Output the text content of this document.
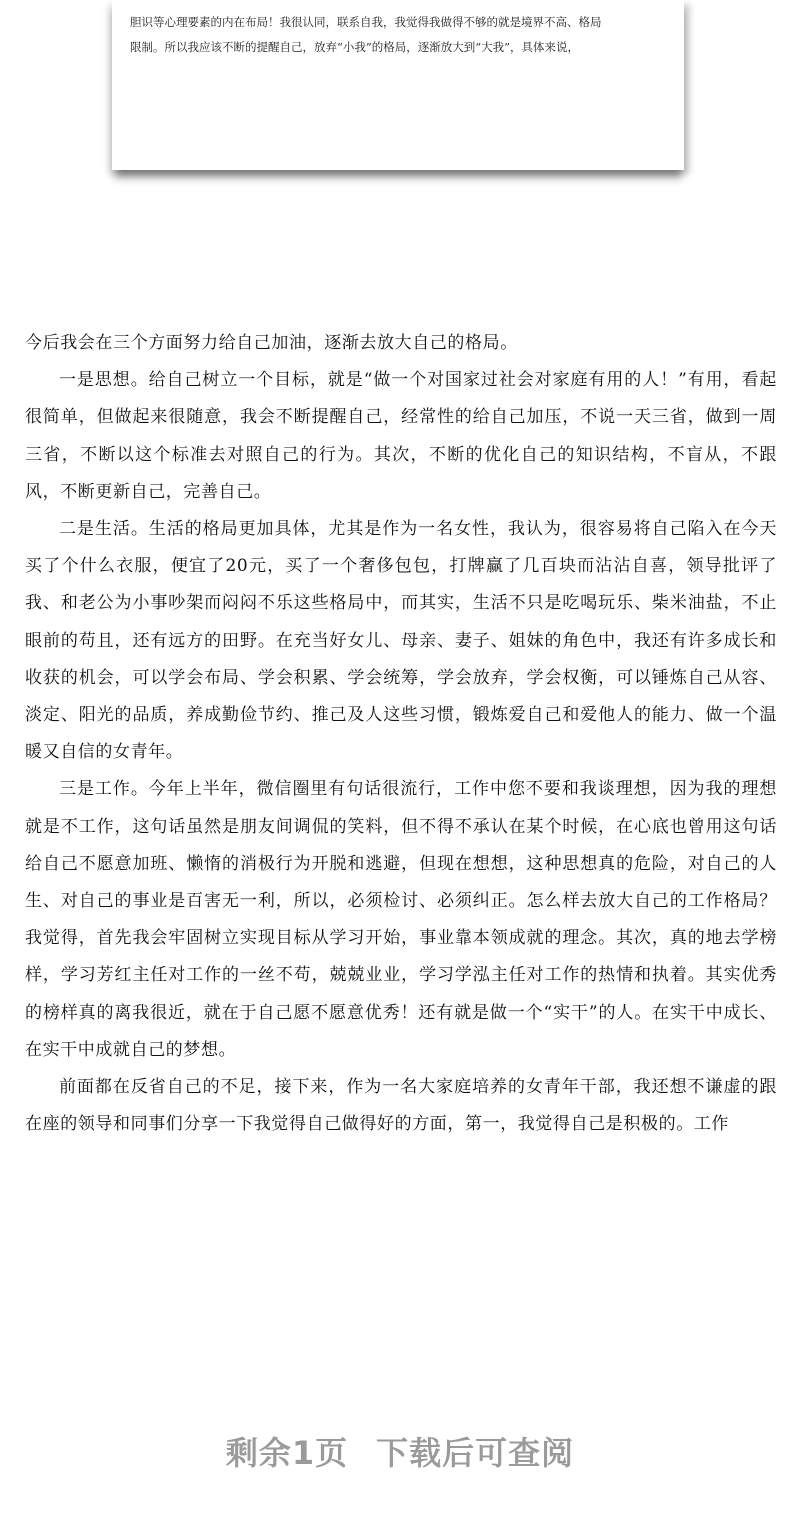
胆识等心理要素的内在布局！我很认同，联系自我，我觉得我做得不够的就是境界不高、格局

限制。所以我应该不断的提醒自己，放弃“小我”的格局，逐渐放大到“大我”，具体来说，

今后我会在三个方面努力给自己加油，逐渐去放大自己的格局。

一是思想。给自己树立一个目标，就是“做一个对国家过社会对家庭有用的人！”有用，看起很简单，但做起来很随意，我会不断提醒自己，经常性的给自己加压，不说一天三省，做到一周三省，不断以这个标准去对照自己的行为。其次，不断的优化自己的知识结构，不盲从，不跟风，不断更新自己，完善自己。

二是生活。生活的格局更加具体，尤其是作为一名女性，我认为，很容易将自己陷入在今天买了个什么衣服，便宜了20元，买了一个奢侈包包，打牌赢了几百块而沾沾自喜，领导批评了我、和老公为小事吵架而闷闷不乐这些格局中，而其实，生活不只是吃喝玩乐、柴米油盐，不止眼前的苟且，还有远方的田野。在充当好女儿、母亲、妻子、姐妹的角色中，我还有许多成长和收获的机会，可以学会布局、学会积累、学会统筹，学会放弃，学会权衡，可以锤炼自己从容、淡定、阳光的品质，养成勤俭节约、推己及人这些习惯，锻炼爱自己和爱他人的能力、做一个温暖又自信的女青年。

三是工作。今年上半年，微信圈里有句话很流行，工作中您不要和我谈理想，因为我的理想就是不工作，这句话虽然是朋友间调侃的笑料，但不得不承认在某个时候，在心底也曾用这句话给自己不愿意加班、懒惰的消极行为开脱和逃避，但现在想想，这种思想真的危险，对自己的人生、对自己的事业是百害无一利，所以，必须检讨、必须纠正。怎么样去放大自己的工作格局？我觉得，首先我会牢固树立实现目标从学习开始，事业靠本领成就的理念。其次，真的地去学榜样，学习芳红主任对工作的一丝不苟，兢兢业业，学习学泓主任对工作的热情和执着。其实优秀的榜样真的离我很近，就在于自己愿不愿意优秀！还有就是做一个“实干”的人。在实干中成长、在实干中成就自己的梦想。

前面都在反省自己的不足，接下来，作为一名大家庭培养的女青年干部，我还想不谦虚的跟在座的领导和同事们分享一下我觉得自己做得好的方面，第一，我觉得自己是积极的。工作

剩余1页 下载后可查阅
